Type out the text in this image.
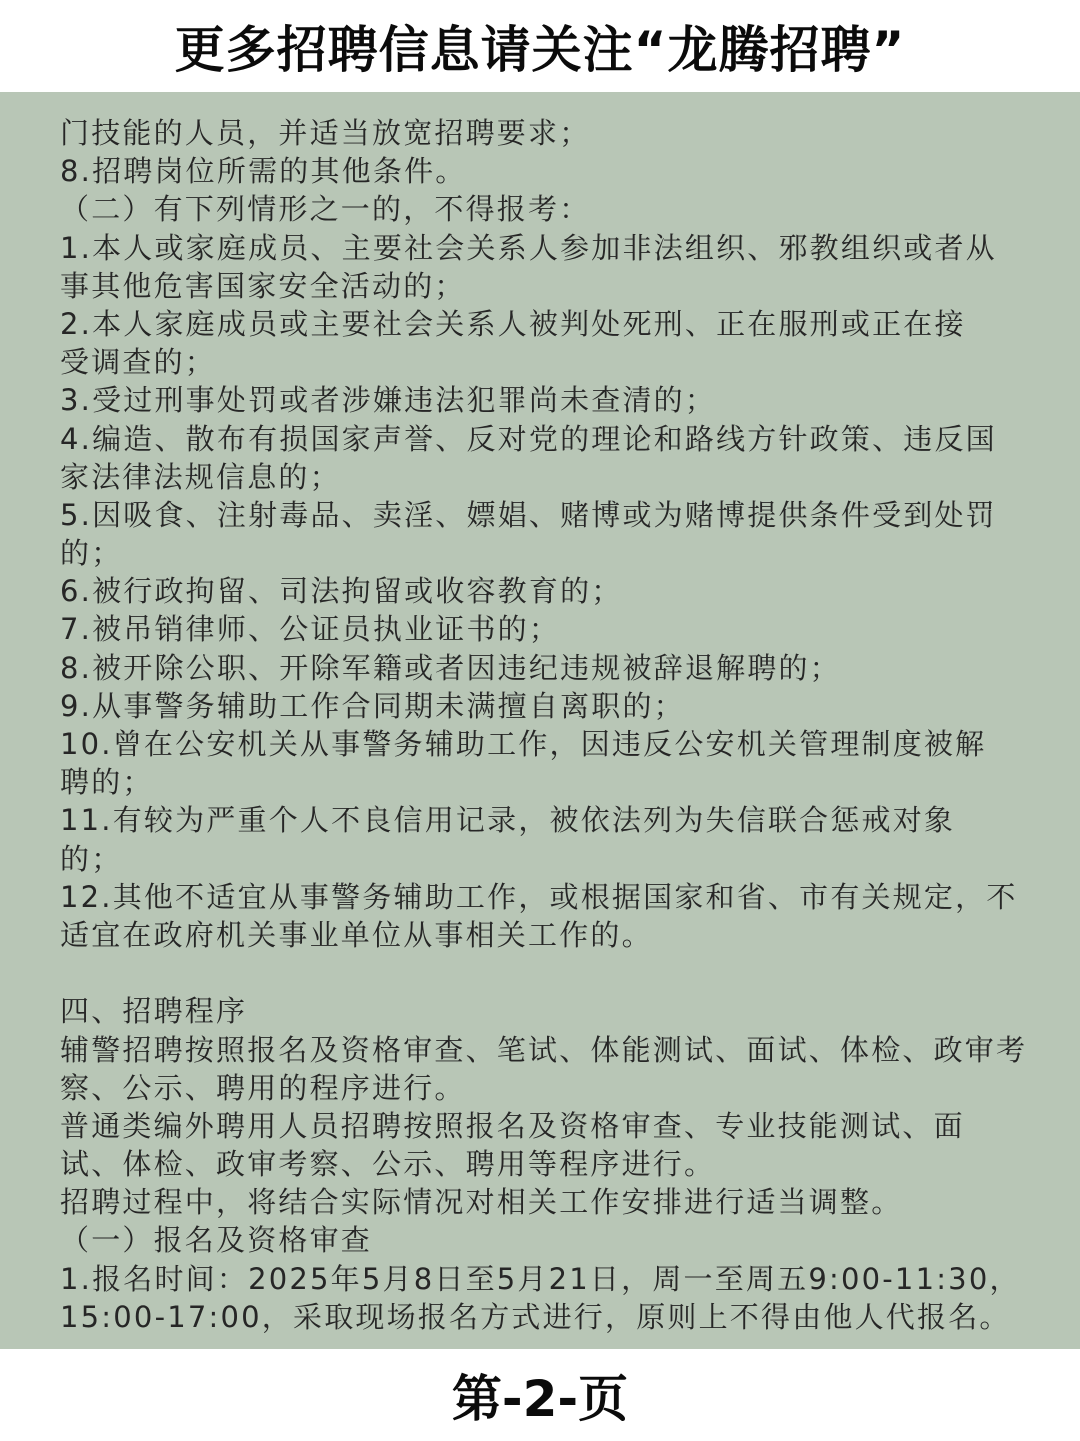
更多招聘信息请关注“龙腾招聘”
门技能的人员，并适当放宽招聘要求；
8.招聘岗位所需的其他条件。
（二）有下列情形之一的，不得报考：
1.本人或家庭成员、主要社会关系人参加非法组织、邪教组织或者从
事其他危害国家安全活动的；
2.本人家庭成员或主要社会关系人被判处死刑、正在服刑或正在接
受调查的；
3.受过刑事处罚或者涉嫌违法犯罪尚未查清的；
4.编造、散布有损国家声誉、反对党的理论和路线方针政策、违反国
家法律法规信息的；
5.因吸食、注射毒品、卖淫、嫖娼、赌博或为赌博提供条件受到处罚
的；
6.被行政拘留、司法拘留或收容教育的；
7.被吊销律师、公证员执业证书的；
8.被开除公职、开除军籍或者因违纪违规被辞退解聘的；
9.从事警务辅助工作合同期未满擅自离职的；
10.曾在公安机关从事警务辅助工作，因违反公安机关管理制度被解
聘的；
11.有较为严重个人不良信用记录，被依法列为失信联合惩戒对象
的；
12.其他不适宜从事警务辅助工作，或根据国家和省、市有关规定，不
适宜在政府机关事业单位从事相关工作的。
四、招聘程序
辅警招聘按照报名及资格审查、笔试、体能测试、面试、体检、政审考
察、公示、聘用的程序进行。
普通类编外聘用人员招聘按照报名及资格审查、专业技能测试、面
试、体检、政审考察、公示、聘用等程序进行。
招聘过程中，将结合实际情况对相关工作安排进行适当调整。
（一）报名及资格审查
1.报名时间：2025年5月8日至5月21日，周一至周五9:00-11:30，
15:00-17:00，采取现场报名方式进行，原则上不得由他人代报名。
第-2-页
